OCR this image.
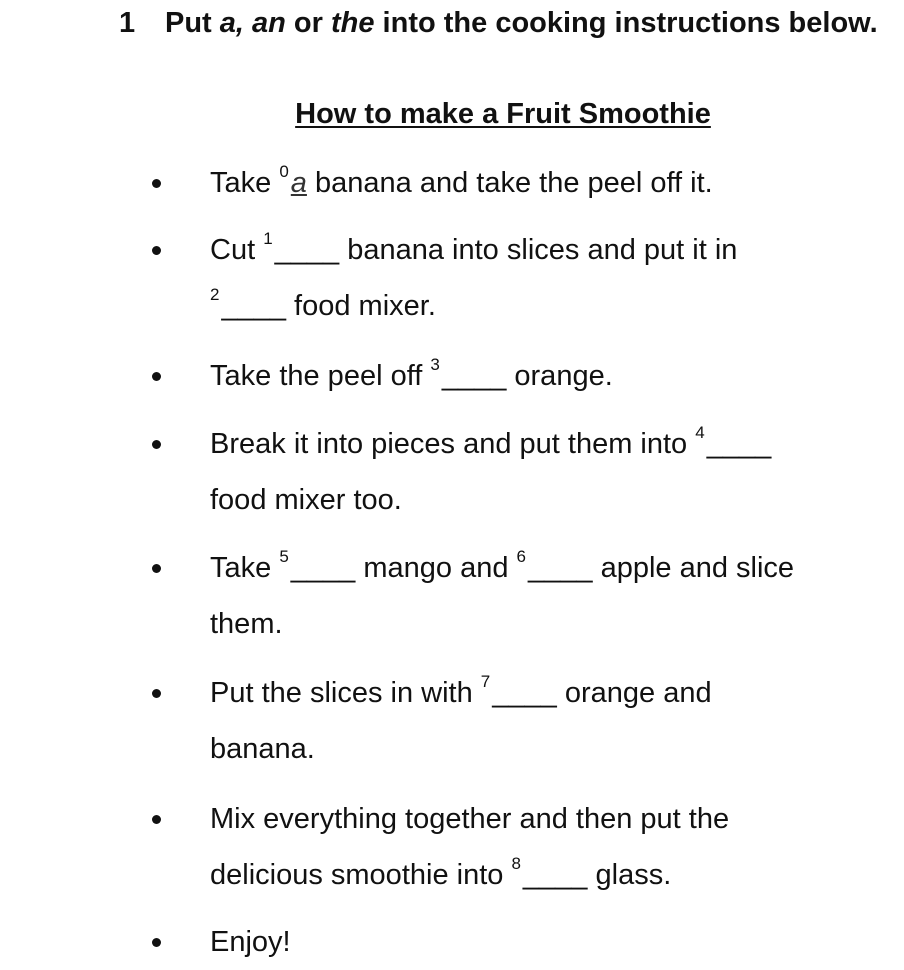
1 Put a, an or the into the cooking instructions below.
How to make a Fruit Smoothie
Take $^0$a banana and take the peel off it.
Cut $^1$____ banana into slices and put it in
$^2$____ food mixer.
Take the peel off $^3$____ orange.
Break it into pieces and put them into $^4$____
food mixer too.
Take $^5$____ mango and $^6$____ apple and slice
them.
Put the slices in with $^7$____ orange and
banana.
Mix everything together and then put the
delicious smoothie into $^8$____ glass.
Enjoy!
